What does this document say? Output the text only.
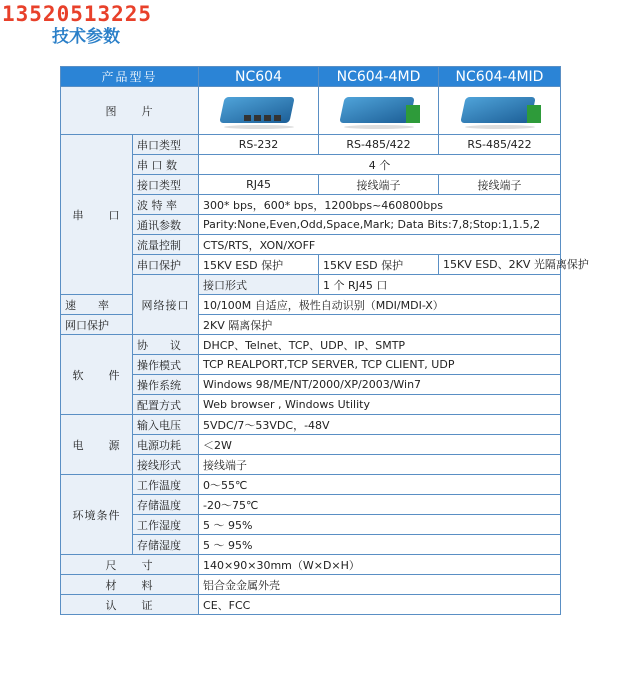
13520513225
技术参数
产品型号		NC604	NC604-4MD	NC604-4MID
图　　片		

串　　口	串口类型	RS-232	RS-485/422	RS-485/422
	串 口 数	4 个		
	接口类型	RJ45	接线端子	接线端子
	波 特 率	300* bps，600* bps，1200bps~460800bps		
	通讯参数	Parity:None,Even,Odd,Space,Mark; Data Bits:7,8;Stop:1,1.5,2		
	流量控制	CTS/RTS，XON/XOFF		
	串口保护	15KV ESD 保护	15KV ESD 保护	15KV ESD、2KV 光隔离保护
	网络接口	接口形式	1 个 RJ45 口	
速　　率		10/100M 自适应，极性自动识别（MDI/MDI-X）		
网口保护		2KV 隔离保护		
软　　件	协　　议	DHCP、Telnet、TCP、UDP、IP、SMTP		
	操作模式	TCP REALPORT,TCP SERVER, TCP CLIENT, UDP		
	操作系统	Windows 98/ME/NT/2000/XP/2003/Win7		
	配置方式	Web browser , Windows Utility		
电　　源	输入电压	5VDC/7～53VDC，-48V		
	电源功耗	＜2W		
	接线形式	接线端子		
环境条件	工作温度	0～55℃		
	存储温度	-20～75℃		
	工作湿度	5 ～ 95%		
	存储湿度	5 ～ 95%		
尺　　寸		140×90×30mm（W×D×H）		
材　　料		铝合金金属外壳		
认　　证		CE、FCC		
